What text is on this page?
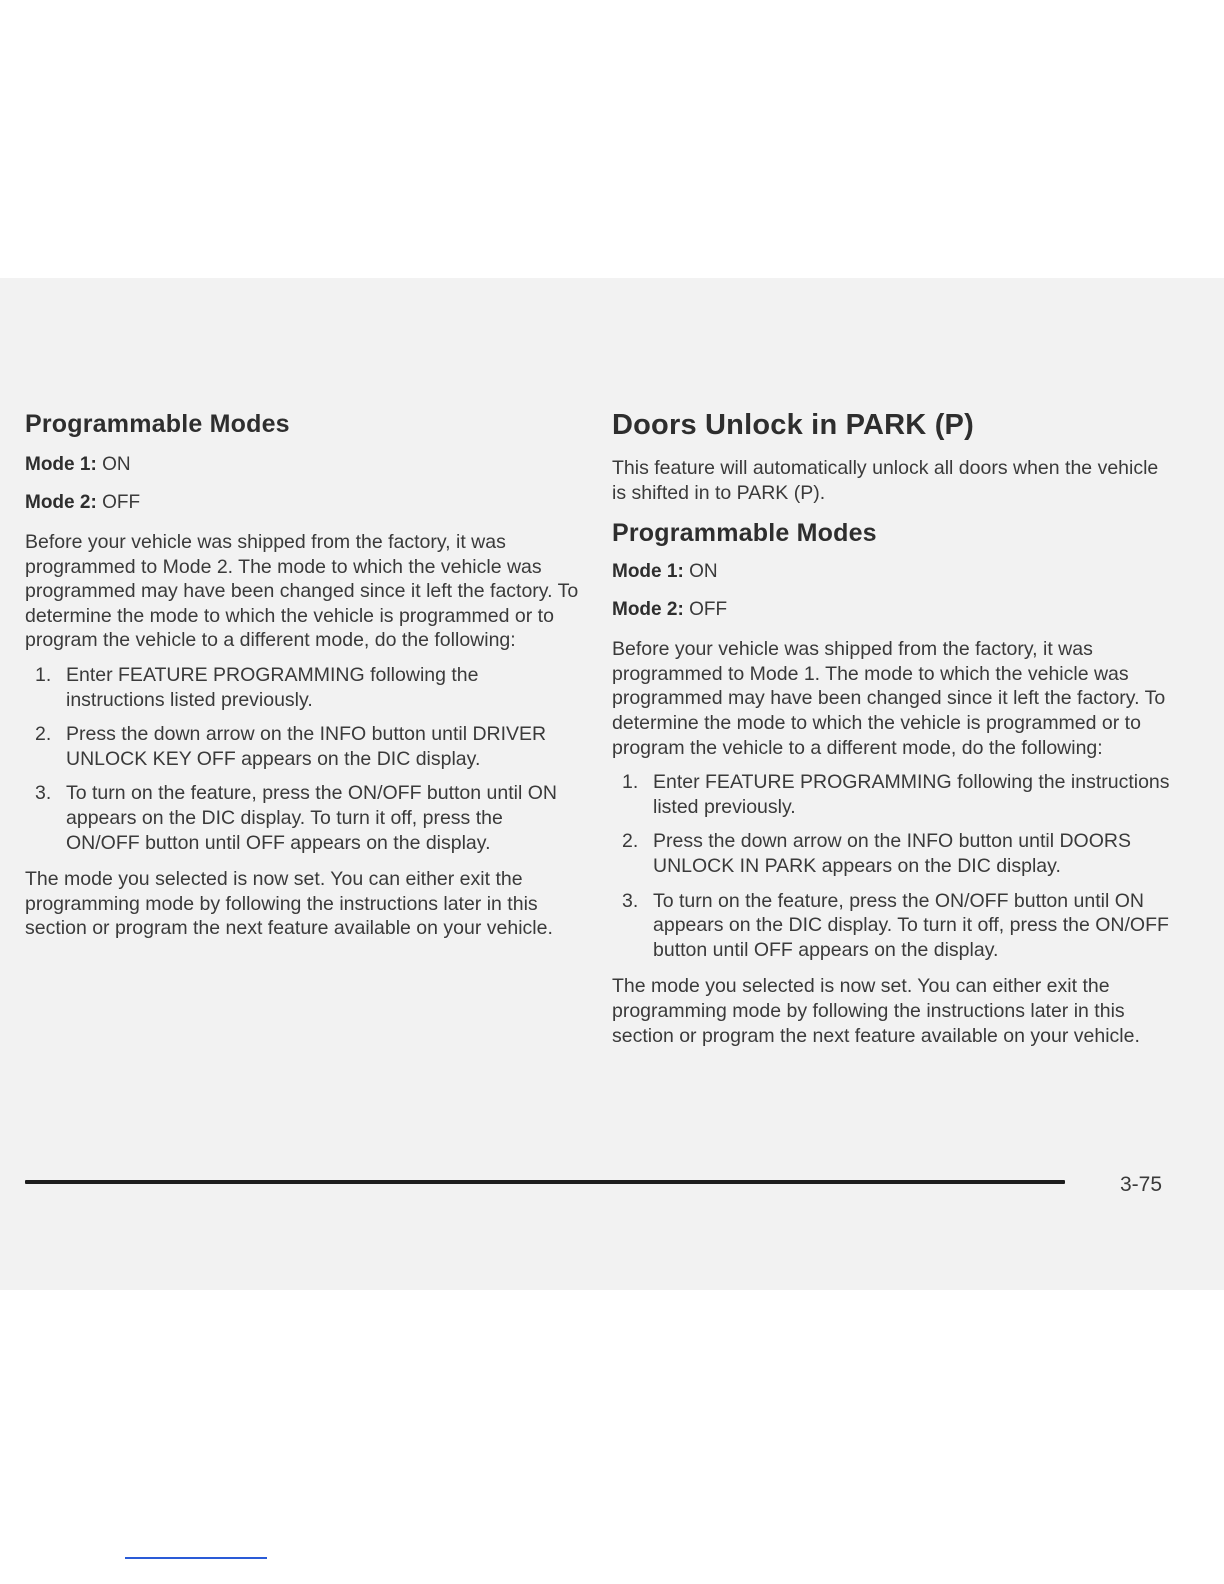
Programmable Modes
Mode 1: ON
Mode 2: OFF

Before your vehicle was shipped from the factory, it was programmed to Mode 2. The mode to which the vehicle was programmed may have been changed since it left the factory. To determine the mode to which the vehicle is programmed or to program the vehicle to a different mode, do the following:

1. Enter FEATURE PROGRAMMING following the instructions listed previously.
2. Press the down arrow on the INFO button until DRIVER UNLOCK KEY OFF appears on the DIC display.
3. To turn on the feature, press the ON/OFF button until ON appears on the DIC display. To turn it off, press the ON/OFF button until OFF appears on the display.

The mode you selected is now set. You can either exit the programming mode by following the instructions later in this section or program the next feature available on your vehicle.

Doors Unlock in PARK (P)

This feature will automatically unlock all doors when the vehicle is shifted in to PARK (P).

Programmable Modes
Mode 1: ON
Mode 2: OFF

Before your vehicle was shipped from the factory, it was programmed to Mode 1. The mode to which the vehicle was programmed may have been changed since it left the factory. To determine the mode to which the vehicle is programmed or to program the vehicle to a different mode, do the following:

1. Enter FEATURE PROGRAMMING following the instructions listed previously.
2. Press the down arrow on the INFO button until DOORS UNLOCK IN PARK appears on the DIC display.
3. To turn on the feature, press the ON/OFF button until ON appears on the DIC display. To turn it off, press the ON/OFF button until OFF appears on the display.

The mode you selected is now set. You can either exit the programming mode by following the instructions later in this section or program the next feature available on your vehicle.

3-75
